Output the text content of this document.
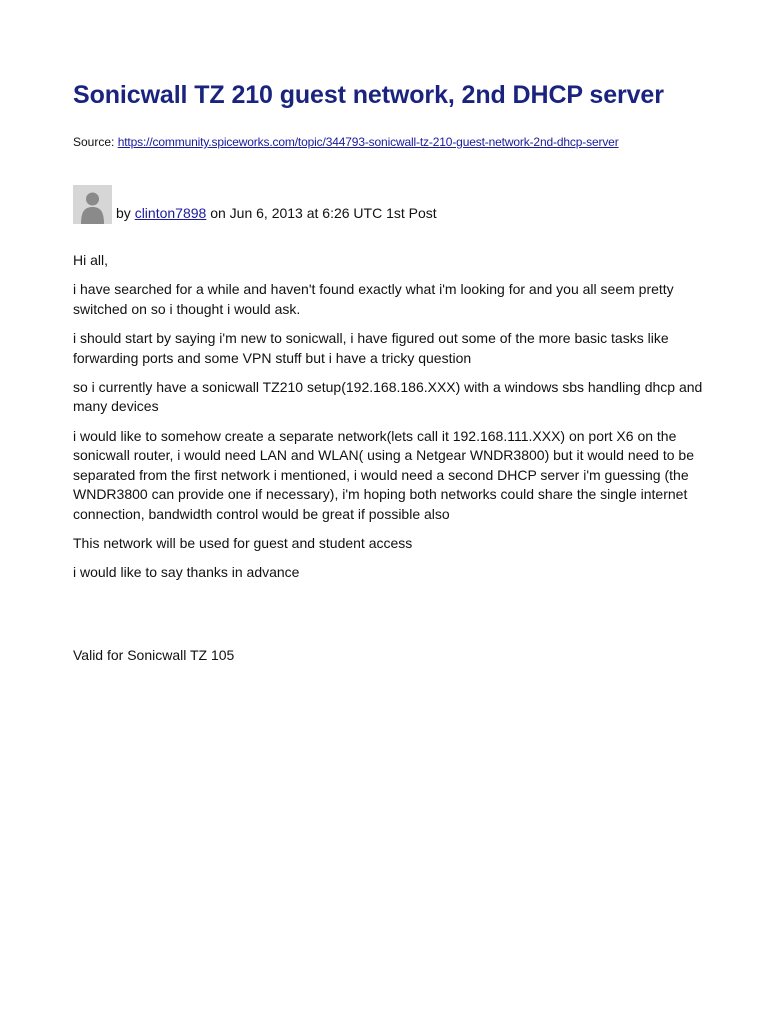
Sonicwall TZ 210 guest network, 2nd DHCP server
Source: https://community.spiceworks.com/topic/344793-sonicwall-tz-210-guest-network-2nd-dhcp-server
by clinton7898 on Jun 6, 2013 at 6:26 UTC 1st Post

Hi all,

i have searched for a while and haven't found exactly what i'm looking for and you all seem pretty switched on so i thought i would ask.

i should start by saying i'm new to sonicwall, i have figured out some of the more basic tasks like forwarding ports and some VPN stuff but i have a tricky question

so i currently have a sonicwall TZ210 setup(192.168.186.XXX) with a windows sbs handling dhcp and many devices

i would like to somehow create a separate network(lets call it 192.168.111.XXX) on port X6 on the sonicwall router, i would need LAN and WLAN( using a Netgear WNDR3800) but it would need to be separated from the first network i mentioned, i would need a second DHCP server i'm guessing (the WNDR3800 can provide one if necessary), i'm hoping both networks could share the single internet connection, bandwidth control would be great if possible also

This network will be used for guest and student access

i would like to say thanks in advance

Valid for Sonicwall TZ 105
